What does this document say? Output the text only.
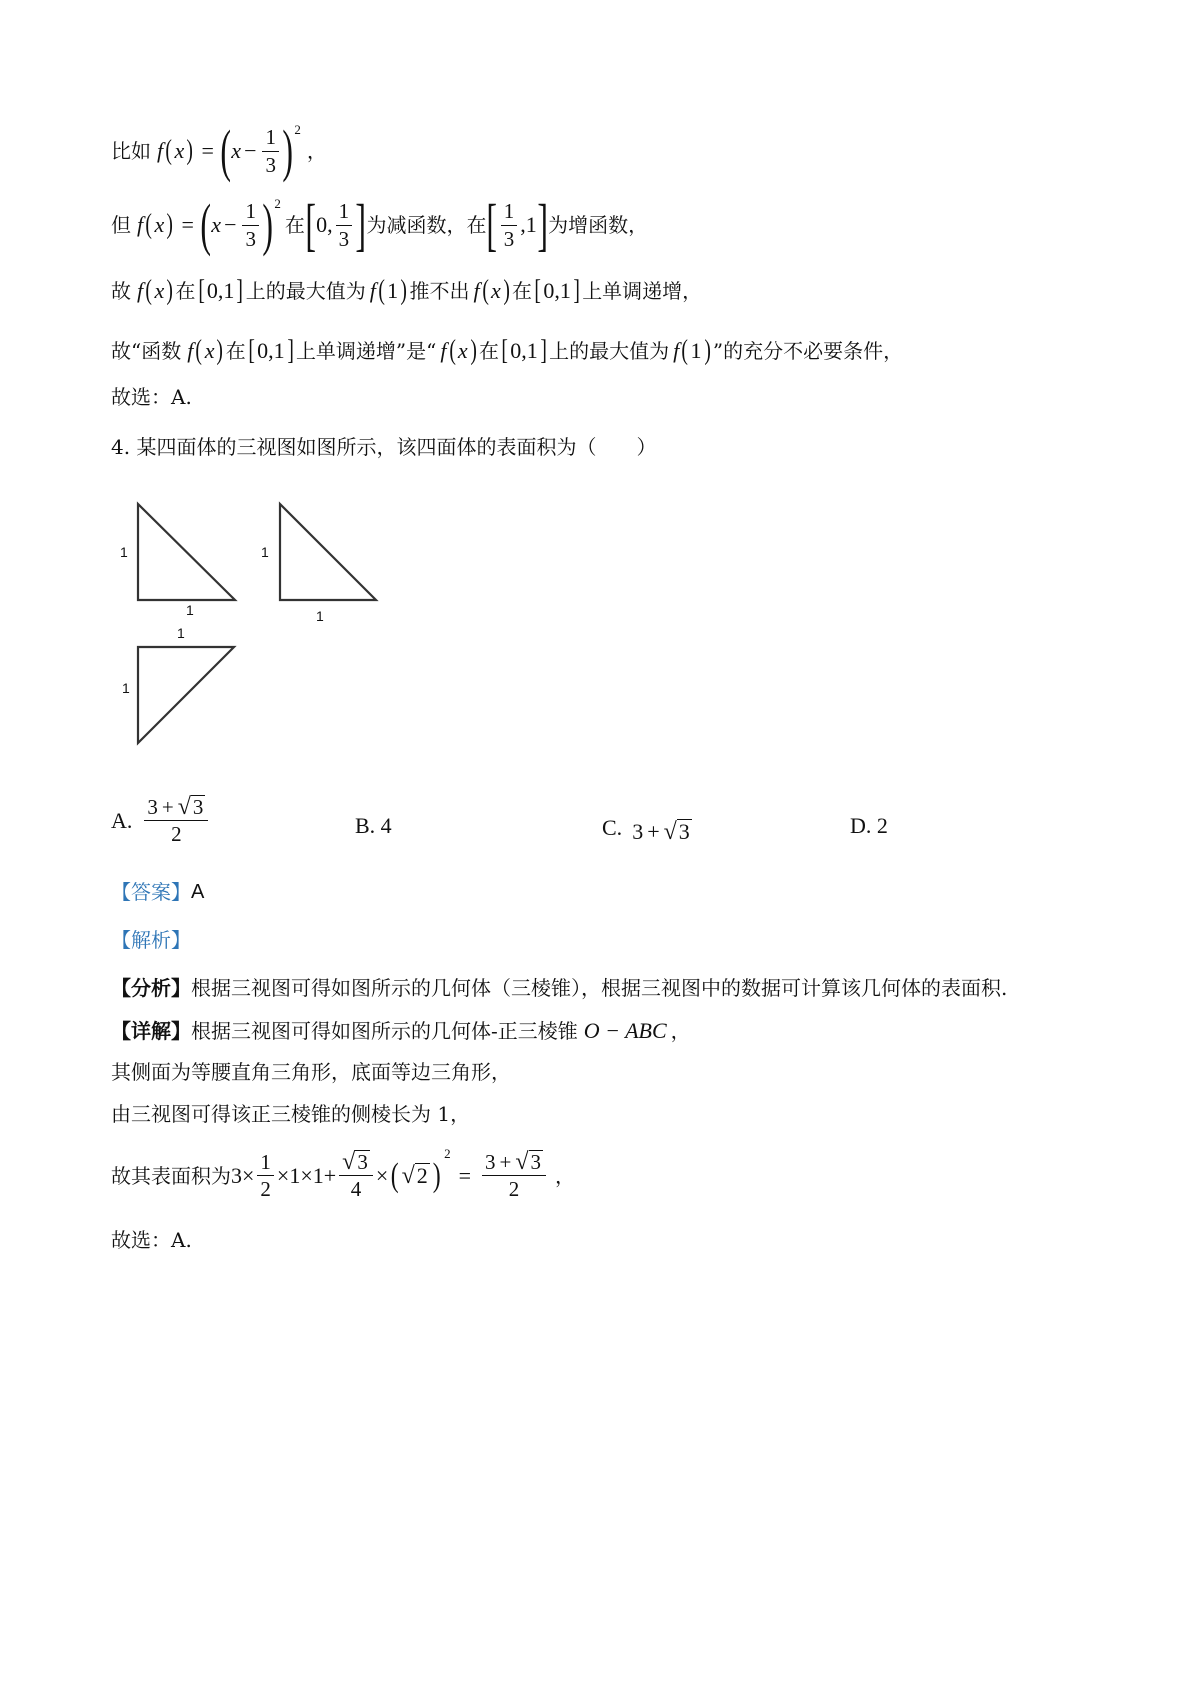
比如 f ( x ) = ( $x - \frac{1}{3}$ ) 2
，
但 f ( x ) = ( $x - \frac{1}{3}$ ) 2
在 [ 0, $\frac{1}{3}$ ] 为减函数，在 [ $\frac{1}{3} ,1$ ] 为增函数，
故 f ( x ) 在 [ 0,1 ] 上的最大值为 f ( 1 ) 推不出 f ( x ) 在 [ 0,1 ] 上单调递增，
故“函数 f ( x ) 在 [ 0,1 ] 上单调递增”是“ f ( x ) 在 [ 0,1 ] 上的最大值为 f ( 1 ) ”的充分不必要条件，
故选：A.
4. 某四面体的三视图如图所示，该四面体的表面积为（　　）
1
1
1
1
1
1
A. $\frac{3 + √ 3}{2}$	B. 4	C. 3 + √ 3	D. 2
【答案】 A
【解析】
【分析】 根据三视图可得如图所示的几何体（三棱锥），根据三视图中的数据可计算该几何体的表面积.
【详解】 根据三视图可得如图所示的几何体-正三棱锥 O − ABC ，
其侧面为等腰直角三角形，底面等边三角形，
由三视图可得该正三棱锥的侧棱长为 1，
故其表面积为 $3\times \frac{1}{2} \times 1\times 1+ \frac{√ 3}{4}$ × ( √ 2 )
2
= $\frac{3 + √ 3}{2}$ ，
故选：A.
